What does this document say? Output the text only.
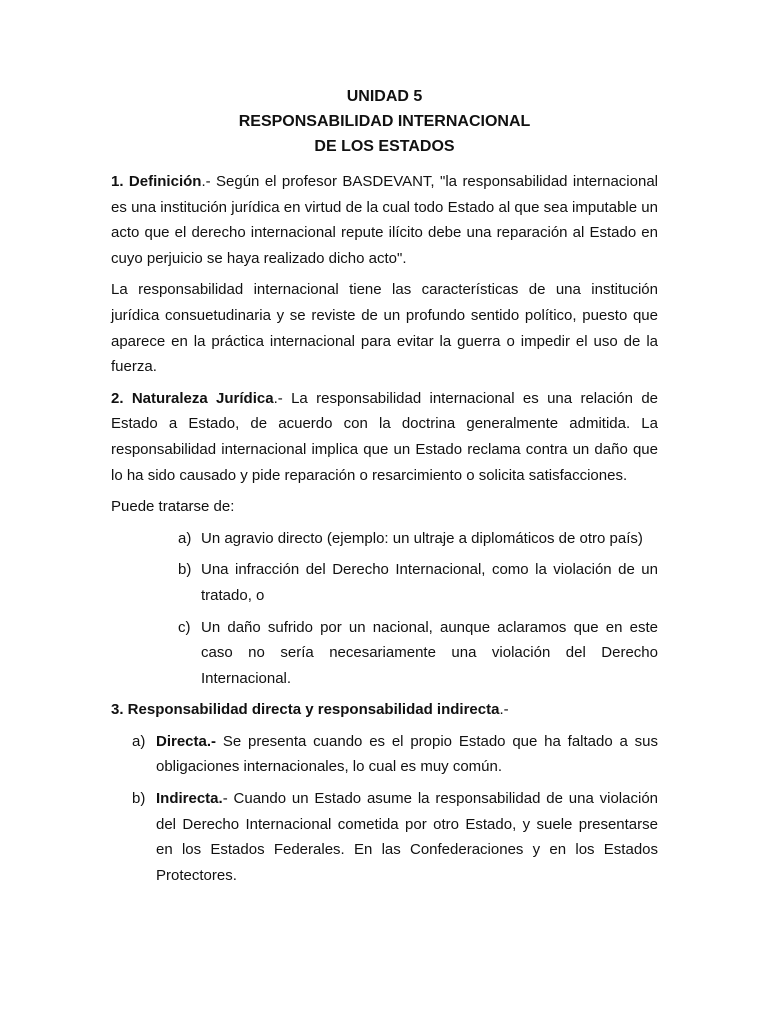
UNIDAD 5

RESPONSABILIDAD INTERNACIONAL

DE LOS ESTADOS

1. Definición.- Según el profesor BASDEVANT, "la responsabilidad internacional es una institución jurídica en virtud de la cual todo Estado al que sea imputable un acto que el derecho internacional repute ilícito debe una reparación al Estado en cuyo perjuicio se haya realizado dicho acto".

La responsabilidad internacional tiene las características de una institución jurídica consuetudinaria y se reviste de un profundo sentido político, puesto que aparece en la práctica internacional para evitar la guerra o impedir el uso de la fuerza.

2. Naturaleza Jurídica.- La responsabilidad internacional es una relación de Estado a Estado, de acuerdo con la doctrina generalmente admitida. La responsabilidad internacional implica que un Estado reclama contra un daño que lo ha sido causado y pide reparación o resarcimiento o solicita satisfacciones.

Puede tratarse de:

a) Un agravio directo (ejemplo: un ultraje a diplomáticos de otro país)
b) Una infracción del Derecho Internacional, como la violación de un tratado, o
c) Un daño sufrido por un nacional, aunque aclaramos que en este caso no sería necesariamente una violación del Derecho Internacional.

3. Responsabilidad directa y responsabilidad indirecta.-

a) Directa.- Se presenta cuando es el propio Estado que ha faltado a sus obligaciones internacionales, lo cual es muy común.
b) Indirecta.- Cuando un Estado asume la responsabilidad de una violación del Derecho Internacional cometida por otro Estado, y suele presentarse en los Estados Federales. En las Confederaciones y en los Estados Protectores.
